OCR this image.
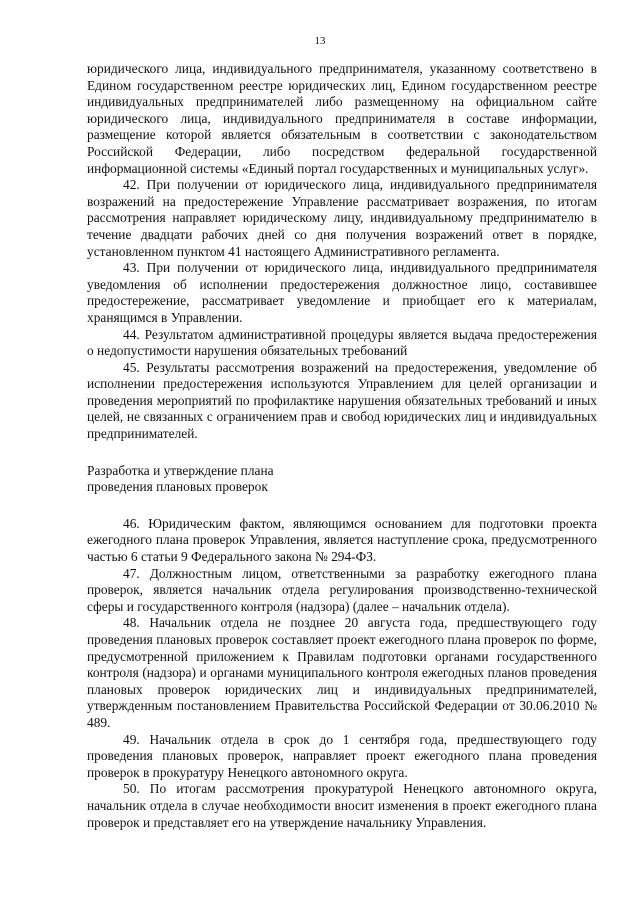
13

юридического лица, индивидуального предпринимателя, указанному соответствено в Едином государственном реестре юридических лиц, Едином государственном реестре индивидуальных предпринимателей либо размещенному на официальном сайте юридического лица, индивидуального предпринимателя в составе информации, размещение которой является обязательным в соответствии с законодательством Российской Федерации, либо посредством федеральной государственной информационной системы «Единый портал государственных и муниципальных услуг».

42. При получении от юридического лица, индивидуального предпринимателя возражений на предостережение Управление рассматривает возражения, по итогам рассмотрения направляет юридическому лицу, индивидуальному предпринимателю в течение двадцати рабочих дней со дня получения возражений ответ в порядке, установленном пунктом 41 настоящего Административного регламента.

43. При получении от юридического лица, индивидуального предпринимателя уведомления об исполнении предостережения должностное лицо, составившее предостережение, рассматривает уведомление и приобщает его к материалам, хранящимся в Управлении.

44. Результатом административной процедуры является выдача предостережения о недопустимости нарушения обязательных требований

45. Результаты рассмотрения возражений на предостережения, уведомление об исполнении предостережения используются Управлением для целей организации и проведения мероприятий по профилактике нарушения обязательных требований и иных целей, не связанных с ограничением прав и свобод юридических лиц и индивидуальных предпринимателей.

Разработка и утверждение плана

проведения плановых проверок

46. Юридическим фактом, являющимся основанием для подготовки проекта ежегодного плана проверок Управления, является наступление срока, предусмотренного частью 6 статьи 9 Федерального закона № 294-ФЗ.

47. Должностным лицом, ответственными за разработку ежегодного плана проверок, является начальник отдела регулирования производственно-технической сферы и государственного контроля (надзора) (далее – начальник отдела).

48. Начальник отдела не позднее 20 августа года, предшествующего году проведения плановых проверок составляет проект ежегодного плана проверок по форме, предусмотренной приложением к Правилам подготовки органами государственного контроля (надзора) и органами муниципального контроля ежегодных планов проведения плановых проверок юридических лиц и индивидуальных предпринимателей, утвержденным постановлением Правительства Российской Федерации от 30.06.2010 № 489.

49. Начальник отдела в срок до 1 сентября года, предшествующего году проведения плановых проверок, направляет проект ежегодного плана проведения проверок в прокуратуру Ненецкого автономного округа.

50. По итогам рассмотрения прокуратурой Ненецкого автономного округа, начальник отдела в случае необходимости вносит изменения в проект ежегодного плана проверок и представляет его на утверждение начальнику Управления.
